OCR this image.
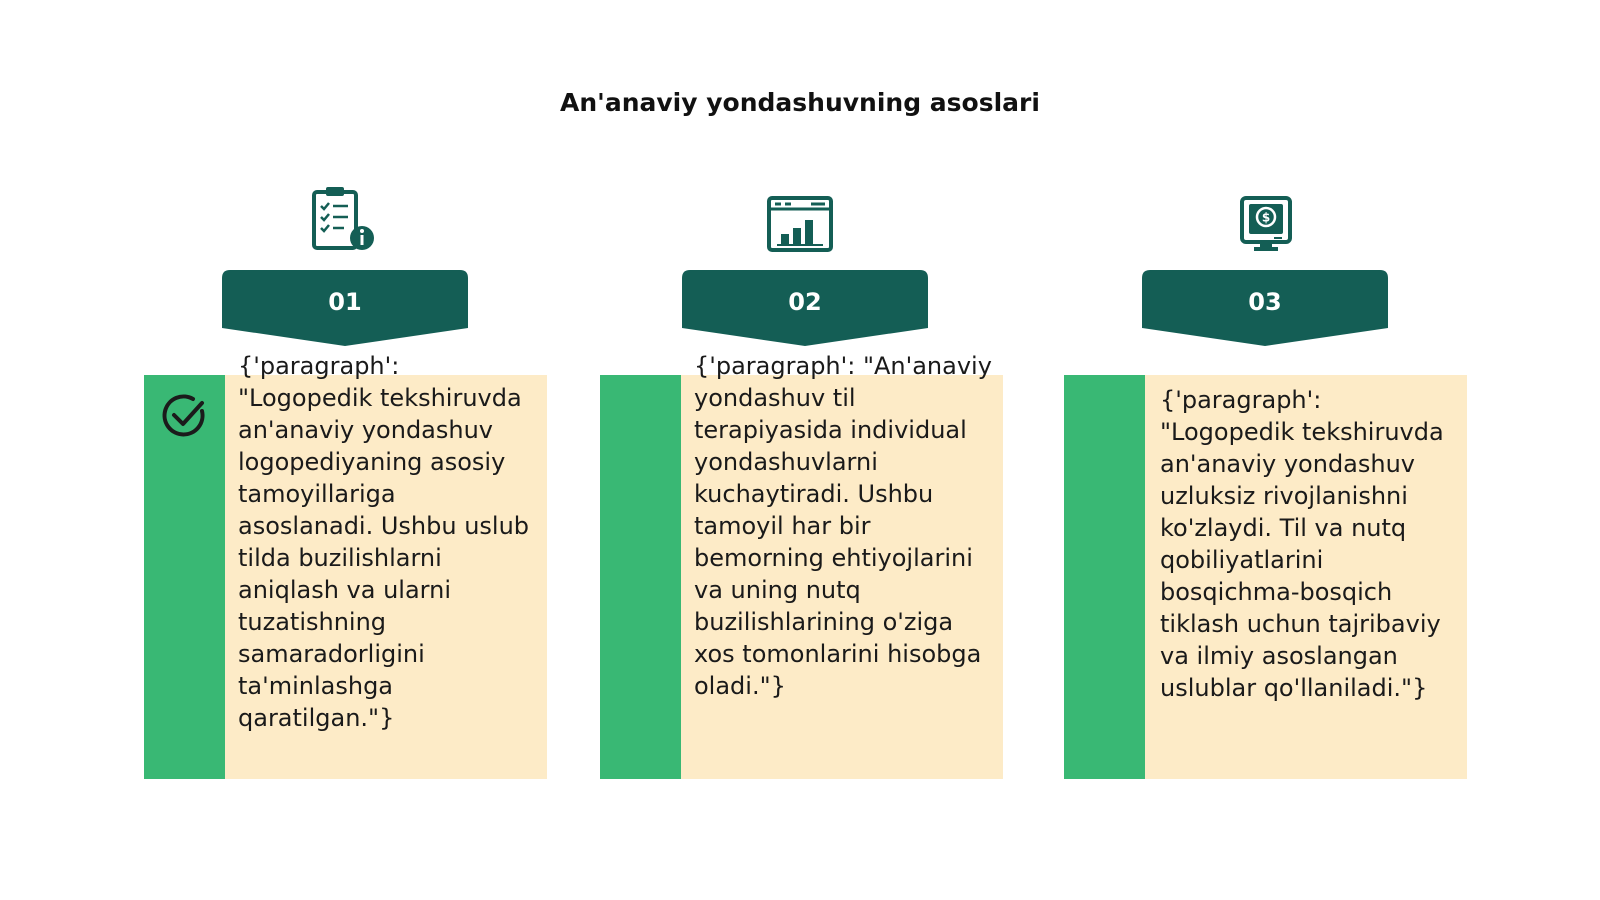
An'anaviy yondashuvning asoslari
01
{'paragraph': "Logopedik tekshiruvda an'anaviy yondashuv logopediyaning asosiy tamoyillariga asoslanadi. Ushbu uslub tilda buzilishlarni aniqlash va ularni tuzatishning samaradorligini ta'minlashga qaratilgan."}
02
{'paragraph': "An'anaviy yondashuv til terapiyasida individual yondashuvlarni kuchaytiradi. Ushbu tamoyil har bir bemorning ehtiyojlarini va uning nutq buzilishlarining o'ziga xos tomonlarini hisobga oladi."}
$
03
{'paragraph': "Logopedik tekshiruvda an'anaviy yondashuv uzluksiz rivojlanishni ko'zlaydi. Til va nutq qobiliyatlarini bosqichma-bosqich tiklash uchun tajribaviy va ilmiy asoslangan uslublar qo'llaniladi."}
